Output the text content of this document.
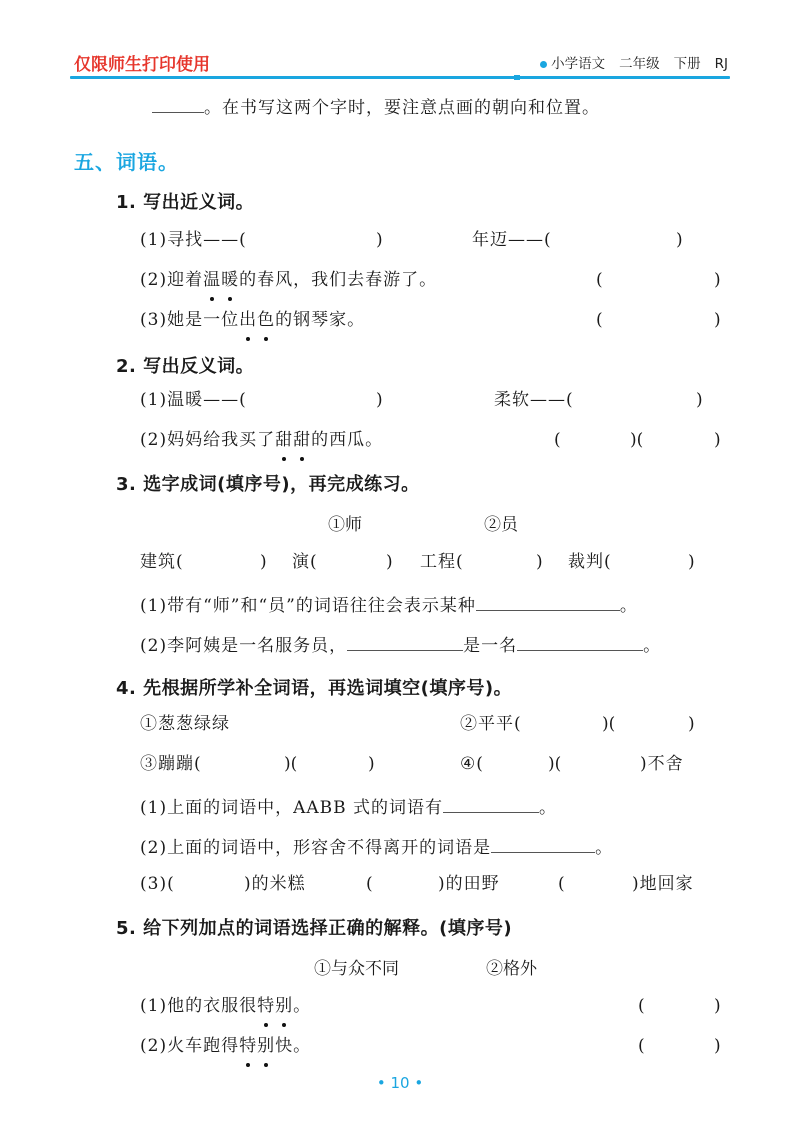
仅限师生打印使用	小学语文 二年级 下册 RJ
。在书写这两个字时，要注意点画的朝向和位置。
五、词语。
1. 写出近义词。
(1)寻找——(	)	年迈——(	)
(2)迎着温暖的春风，我们去春游了。	(	)
(3)她是一位出色的钢琴家。	(	)
2. 写出反义词。
(1)温暖——(	)	柔软——(	)
(2)妈妈给我买了甜甜的西瓜。	(	)(	)
3. 选字成词(填序号)，再完成练习。
①师	②员
建筑(	) 演(	) 工程(	) 裁判(	)
(1)带有“师”和“员”的词语往往会表示某种	。
(2)李阿姨是一名服务员，	是一名	。
4. 先根据所学补全词语，再选词填空(填序号)。
①葱葱绿绿	②平平(	)(	)
③蹦蹦(	)(	)	④(	)(	)不舍
(1)上面的词语中，AABB 式的词语有	。
(2)上面的词语中，形容舍不得离开的词语是	。
(3)(	)的米糕	(	)的田野	(	)地回家
5. 给下列加点的词语选择正确的解释。(填序号)
①与众不同	②格外
(1)他的衣服很特别。	(	)
(2)火车跑得特别快。	(	)
• 10 •
